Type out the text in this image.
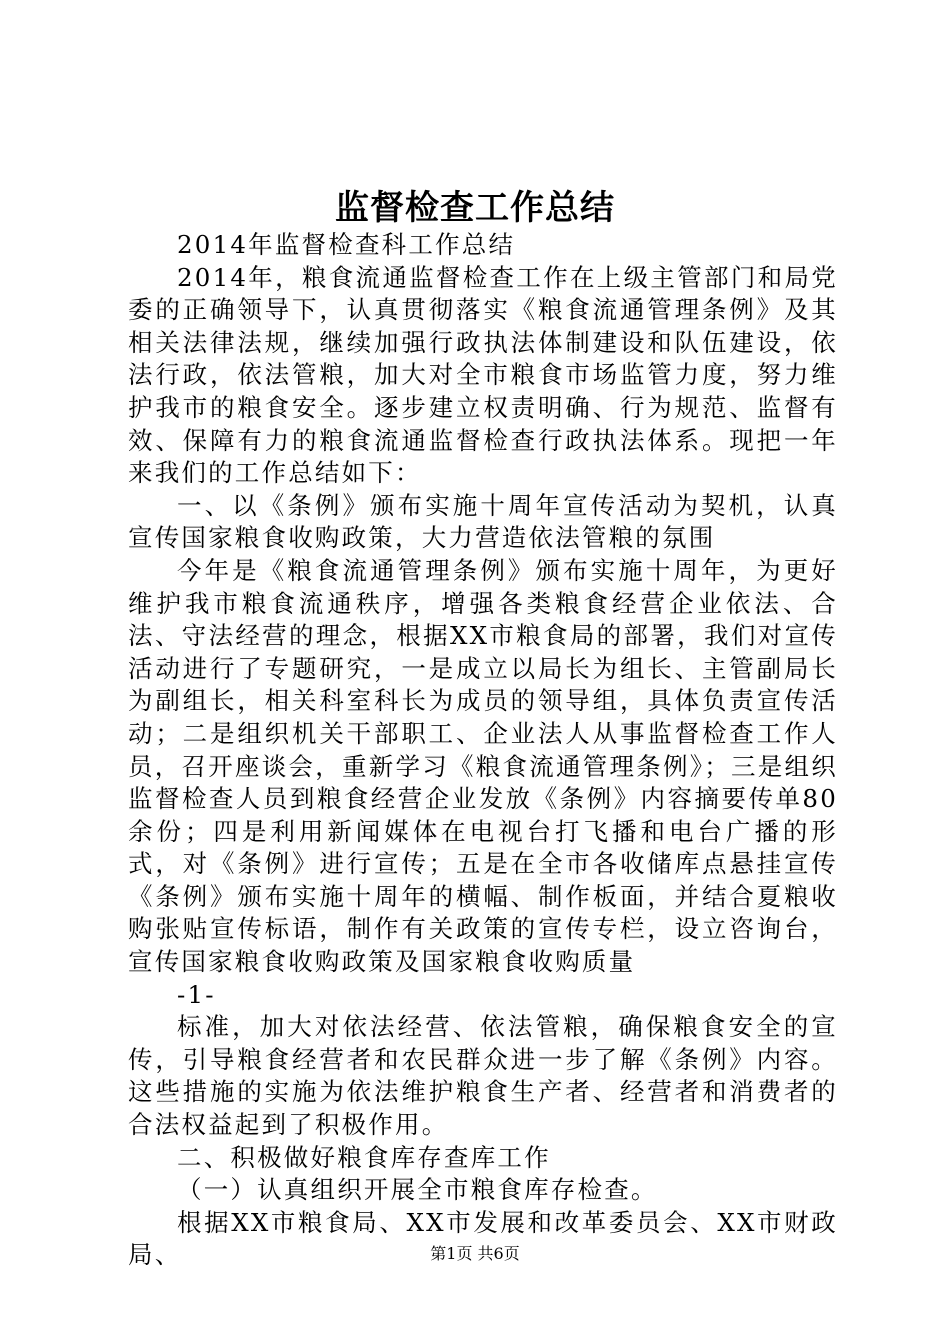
监督检查工作总结

2014年监督检查科工作总结

2014年，粮食流通监督检查工作在上级主管部门和局党委的正确领导下，认真贯彻落实《粮食流通管理条例》及其相关法律法规，继续加强行政执法体制建设和队伍建设，依法行政，依法管粮，加大对全市粮食市场监管力度，努力维护我市的粮食安全。逐步建立权责明确、行为规范、监督有效、保障有力的粮食流通监督检查行政执法体系。现把一年来我们的工作总结如下：

一、以《条例》颁布实施十周年宣传活动为契机，认真宣传国家粮食收购政策，大力营造依法管粮的氛围

今年是《粮食流通管理条例》颁布实施十周年，为更好维护我市粮食流通秩序，增强各类粮食经营企业依法、合法、守法经营的理念，根据XX市粮食局的部署，我们对宣传活动进行了专题研究，一是成立以局长为组长、主管副局长为副组长，相关科室科长为成员的领导组，具体负责宣传活动；二是组织机关干部职工、企业法人从事监督检查工作人员，召开座谈会，重新学习《粮食流通管理条例》；三是组织监督检查人员到粮食经营企业发放《条例》内容摘要传单80余份；四是利用新闻媒体在电视台打飞播和电台广播的形式，对《条例》进行宣传；五是在全市各收储库点悬挂宣传《条例》颁布实施十周年的横幅、制作板面，并结合夏粮收购张贴宣传标语，制作有关政策的宣传专栏，设立咨询台，宣传国家粮食收购政策及国家粮食收购质量

-1-

标准，加大对依法经营、依法管粮，确保粮食安全的宣传，引导粮食经营者和农民群众进一步了解《条例》内容。这些措施的实施为依法维护粮食生产者、经营者和消费者的合法权益起到了积极作用。

二、积极做好粮食库存查库工作

（一）认真组织开展全市粮食库存检查。

根据XX市粮食局、XX市发展和改革委员会、XX市财政局、	第1页 共6页
